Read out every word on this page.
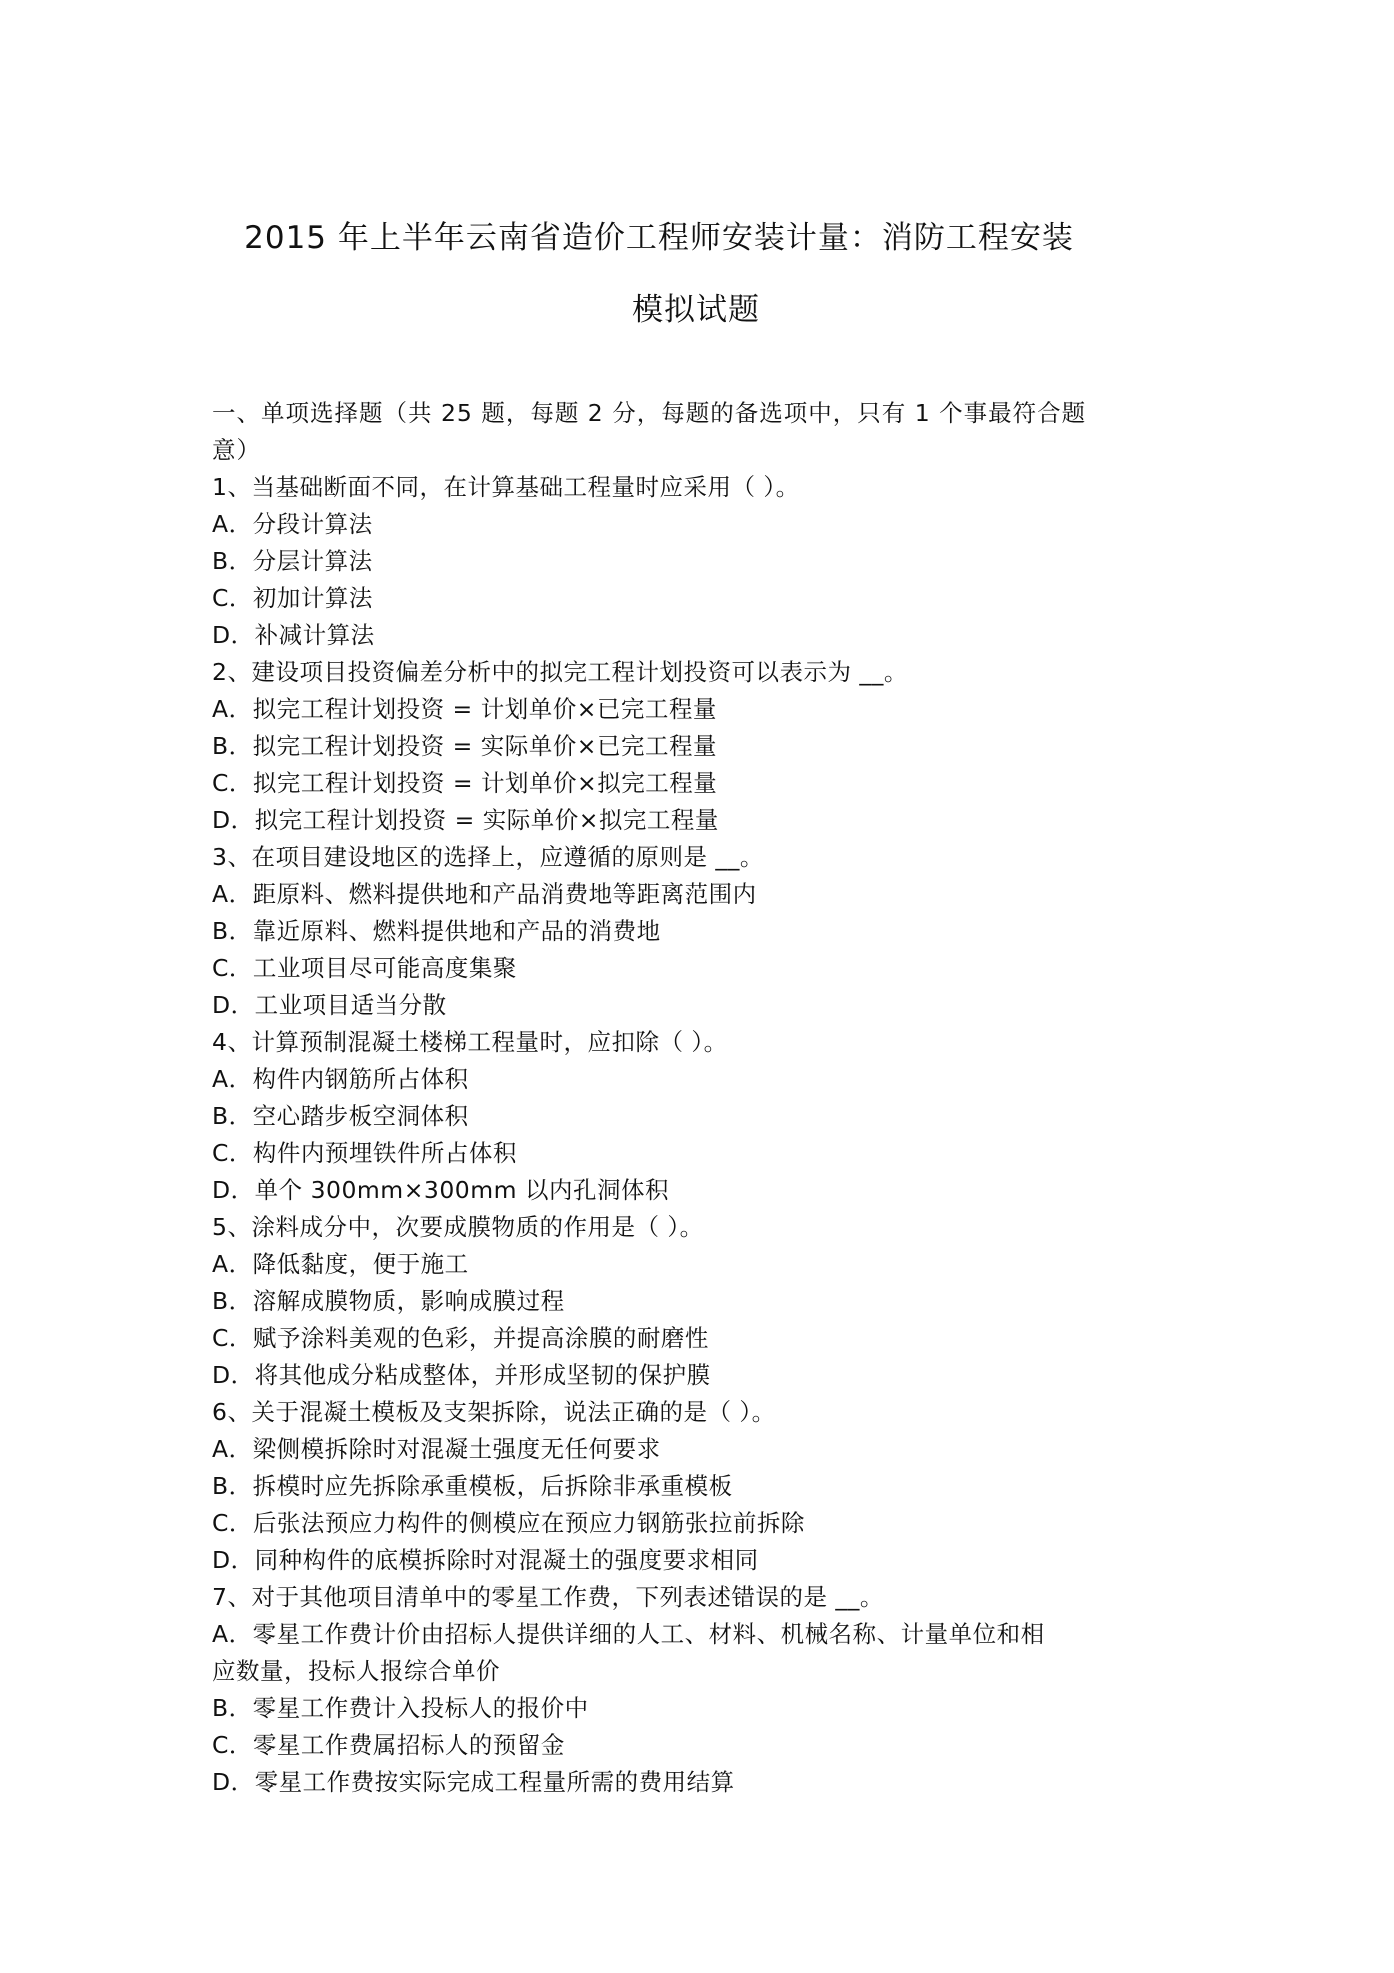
2015 年上半年云南省造价工程师安装计量：消防工程安装
模拟试题
一、单项选择题（共 25 题，每题 2 分，每题的备选项中，只有 1 个事最符合题
意）
1、当基础断面不同，在计算基础工程量时应采用（ ）。
A．分段计算法
B．分层计算法
C．初加计算法
D．补减计算法
2、建设项目投资偏差分析中的拟完工程计划投资可以表示为 __。
A．拟完工程计划投资 = 计划单价×已完工程量
B．拟完工程计划投资 = 实际单价×已完工程量
C．拟完工程计划投资 = 计划单价×拟完工程量
D．拟完工程计划投资 = 实际单价×拟完工程量
3、在项目建设地区的选择上，应遵循的原则是 __。
A．距原料、燃料提供地和产品消费地等距离范围内
B．靠近原料、燃料提供地和产品的消费地
C．工业项目尽可能高度集聚
D．工业项目适当分散
4、计算预制混凝土楼梯工程量时，应扣除（ ）。
A．构件内钢筋所占体积
B．空心踏步板空洞体积
C．构件内预埋铁件所占体积
D．单个 300mm×300mm 以内孔洞体积
5、涂料成分中，次要成膜物质的作用是（ ）。
A．降低黏度，便于施工
B．溶解成膜物质，影响成膜过程
C．赋予涂料美观的色彩，并提高涂膜的耐磨性
D．将其他成分粘成整体，并形成坚韧的保护膜
6、关于混凝土模板及支架拆除，说法正确的是（ ）。
A．梁侧模拆除时对混凝土强度无任何要求
B．拆模时应先拆除承重模板，后拆除非承重模板
C．后张法预应力构件的侧模应在预应力钢筋张拉前拆除
D．同种构件的底模拆除时对混凝土的强度要求相同
7、对于其他项目清单中的零星工作费，下列表述错误的是 __。
A．零星工作费计价由招标人提供详细的人工、材料、机械名称、计量单位和相
应数量，投标人报综合单价
B．零星工作费计入投标人的报价中
C．零星工作费属招标人的预留金
D．零星工作费按实际完成工程量所需的费用结算
